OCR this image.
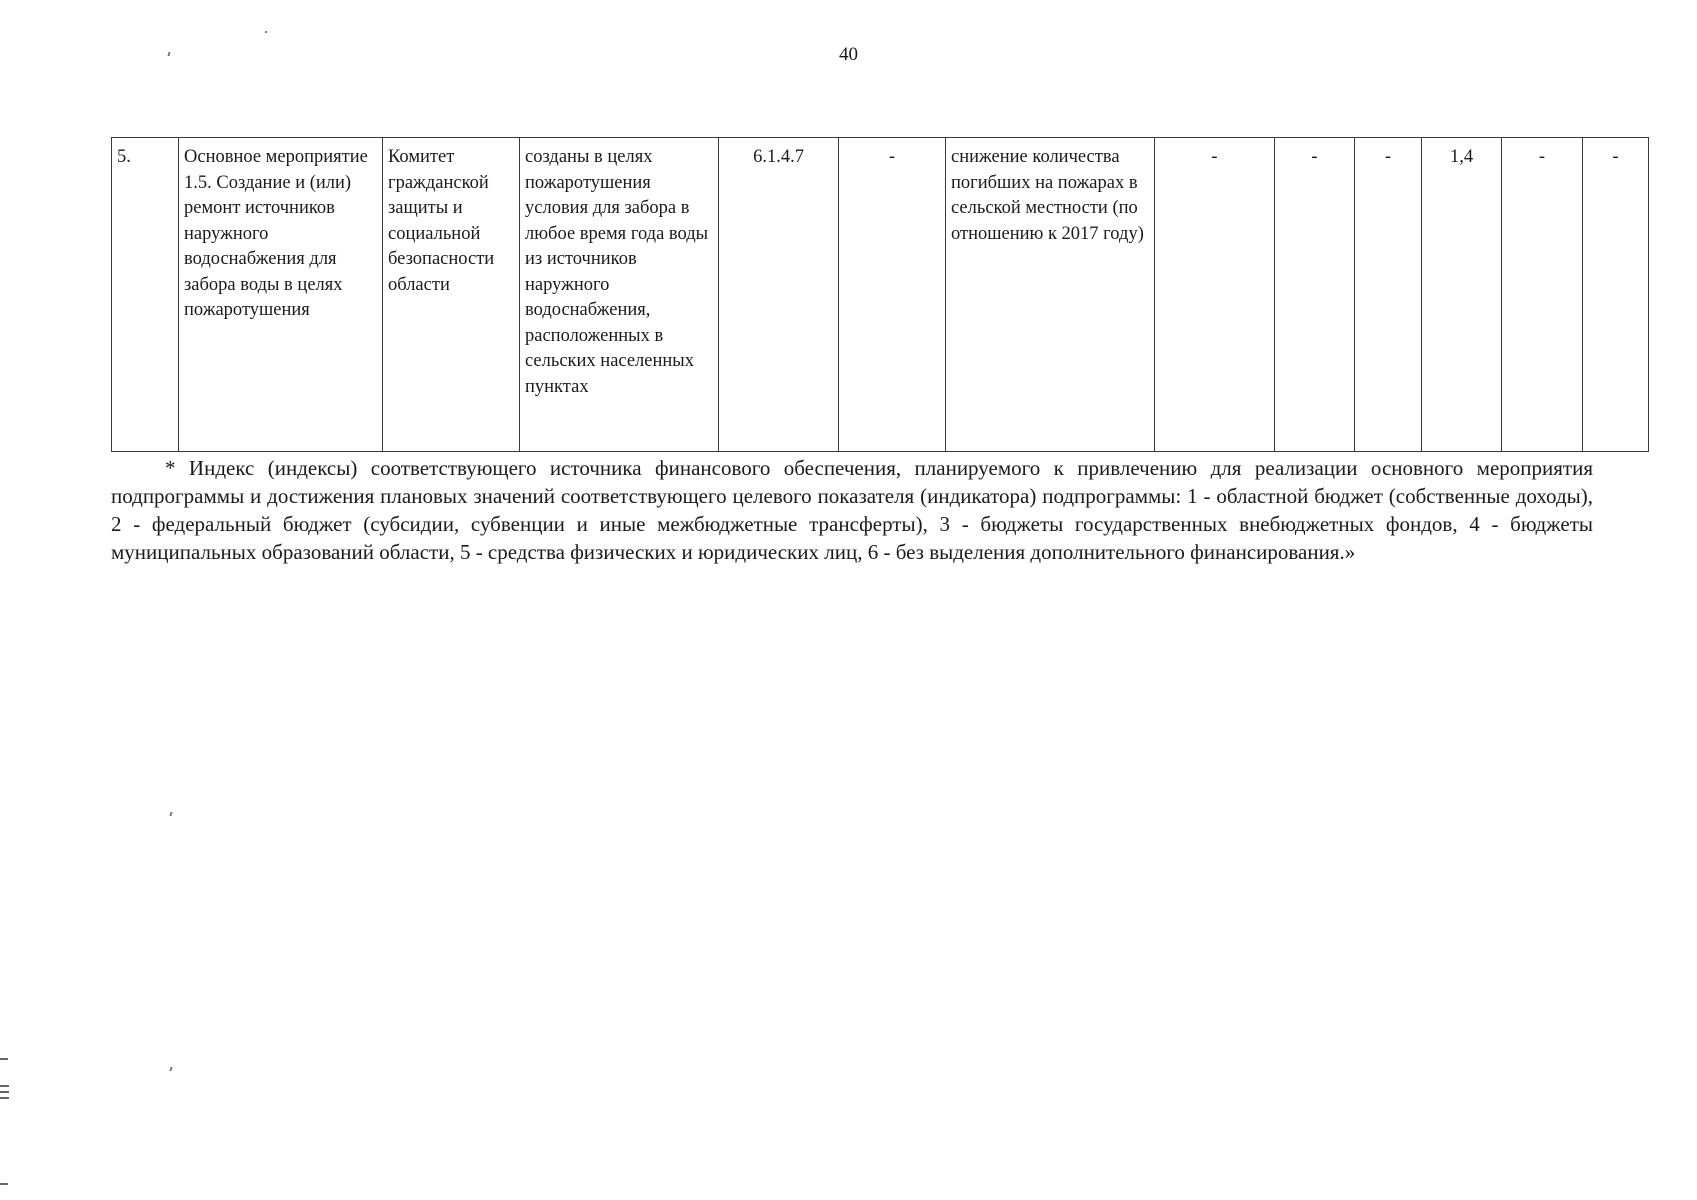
40
5.	Основное мероприятие 1.5. Создание и (или) ремонт источников наружного водоснабжения для забора воды в целях пожаротушения	Комитет гражданской защиты и социальной безопасности области	созданы в целях пожаротушения условия для забора в любое время года воды из источников наружного водоснабжения, расположенных в сельских населенных пунктах	6.1.4.7	-	снижение количества погибших на пожарах в сельской местности (по отношению к 2017 году)	-	-	-	1,4	-	-

* Индекс (индексы) соответствующего источника финансового обеспечения, планируемого к привлечению для реализации основного мероприятия подпрограммы и достижения плановых значений соответствующего целевого показателя (индикатора) подпрограммы: 1 - областной бюджет (собственные доходы), 2 - федеральный бюджет (субсидии, субвенции и иные межбюджетные трансферты), 3 - бюджеты государственных внебюджетных фондов, 4 - бюджеты муниципальных образований области, 5 - средства физических и юридических лиц, 6 - без выделения дополнительного финансирования.»
